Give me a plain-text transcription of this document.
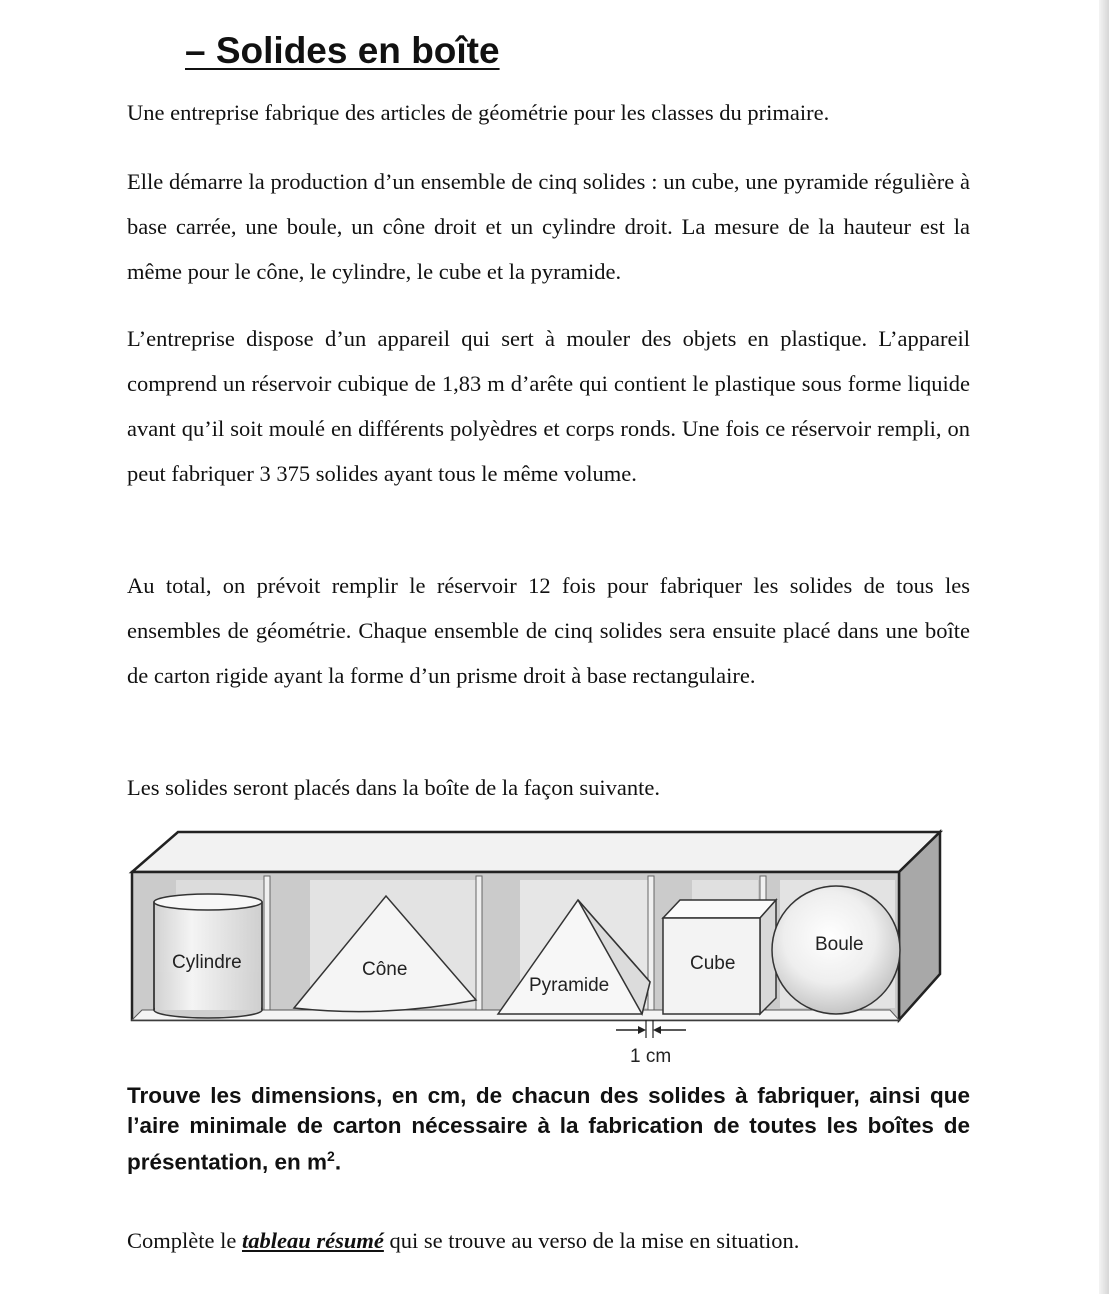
– Solides en boîte

Une entreprise fabrique des articles de géométrie pour les classes du primaire.

Elle démarre la production d’un ensemble de cinq solides : un cube, une pyramide régulière à base carrée, une boule, un cône droit et un cylindre droit. La mesure de la hauteur est la même pour le cône, le cylindre, le cube et la pyramide.

L’entreprise dispose d’un appareil qui sert à mouler des objets en plastique. L’appareil comprend un réservoir cubique de 1,83 m d’arête qui contient le plastique sous forme liquide avant qu’il soit moulé en différents polyèdres et corps ronds. Une fois ce réservoir rempli, on peut fabriquer 3 375 solides ayant tous le même volume.

Au total, on prévoit remplir le réservoir 12 fois pour fabriquer les solides de tous les ensembles de géométrie. Chaque ensemble de cinq solides sera ensuite placé dans une boîte de carton rigide ayant la forme d’un prisme droit à base rectangulaire.

Les solides seront placés dans la boîte de la façon suivante.

Cylindre	Cône
Pyramide
Cube
Boule
1 cm

Trouve les dimensions, en cm, de chacun des solides à fabriquer, ainsi que l’aire minimale de carton nécessaire à la fabrication de toutes les boîtes de présentation, en $m^2$.

Complète le tableau résumé qui se trouve au verso de la mise en situation.
